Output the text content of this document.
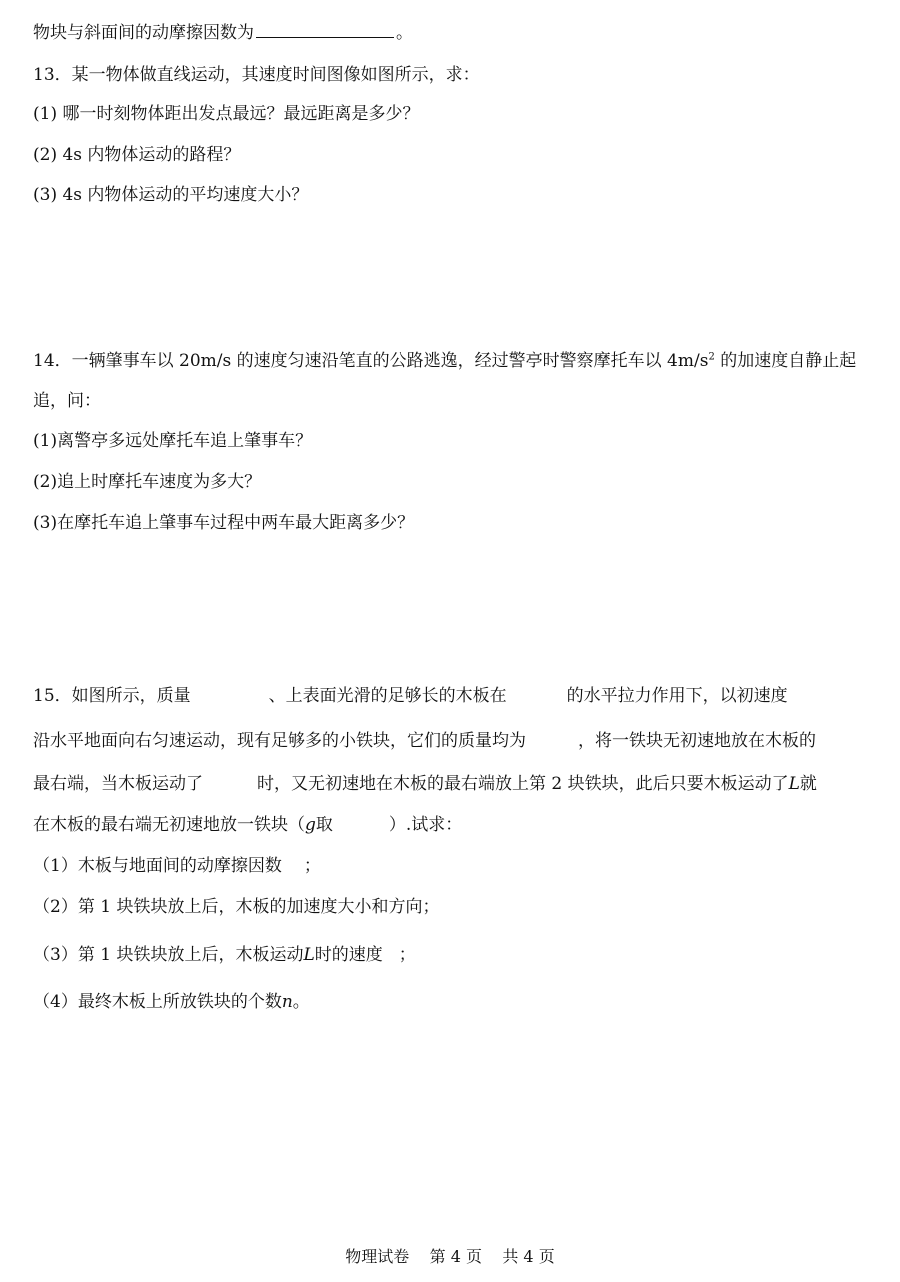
物块与斜面间的动摩擦因数为	。
13．某一物体做直线运动，其速度时间图像如图所示，求：
(1) 哪一时刻物体距出发点最远？最远距离是多少？
(2) 4s 内物体运动的路程？
(3) 4s 内物体运动的平均速度大小？
14．一辆肇事车以 20m/s 的速度匀速沿笔直的公路逃逸，经过警亭时警察摩托车以 $4m/s^2$ 的加速度自静止起
追，问：
(1)离警亭多远处摩托车追上肇事车？
(2)追上时摩托车速度为多大？
(3)在摩托车追上肇事车过程中两车最大距离多少？
15．如图所示，质量	、上表面光滑的足够长的木板在	的水平拉力作用下，以初速度
沿水平地面向右匀速运动，现有足够多的小铁块，它们的质量均为	，将一铁块无初速地放在木板的
最右端，当木板运动了	时，又无初速地在木板的最右端放上第 2 块铁块，此后只要木板运动了L就
在木板的最右端无初速地放一铁块（g取	）.试求：
（1）木板与地面间的动摩擦因数 ；
（2）第 1 块铁块放上后，木板的加速度大小和方向；
（3）第 1 块铁块放上后，木板运动L时的速度 ；
（4）最终木板上所放铁块的个数n。
物理试卷    第 4 页    共 4 页
